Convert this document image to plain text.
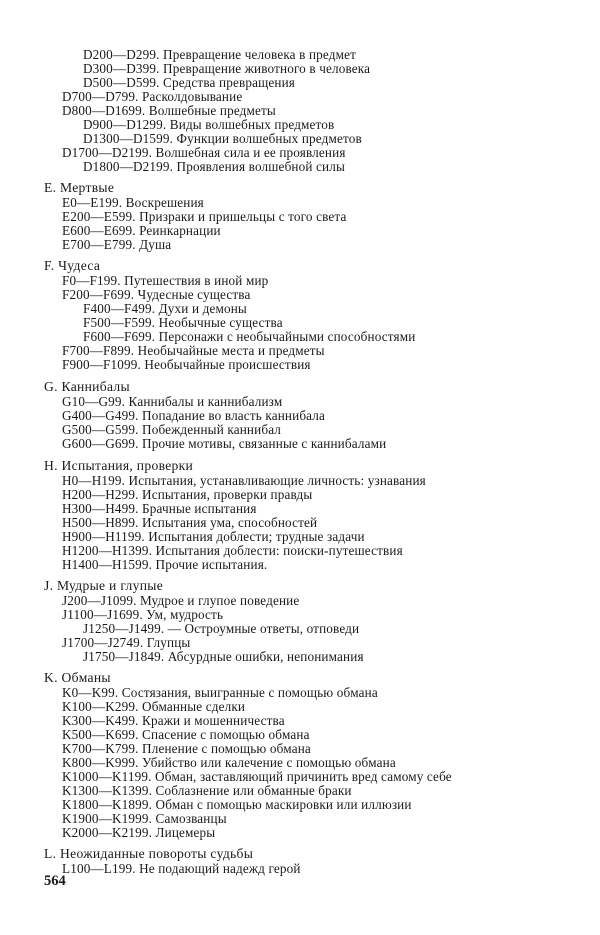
D200—D299. Превращение человека в предмет
D300—D399. Превращение животного в человека
D500—D599. Средства превращения
D700—D799. Расколдовывание
D800—D1699. Волшебные предметы
D900—D1299. Виды волшебных предметов
D1300—D1599. Функции волшебных предметов
D1700—D2199. Волшебная сила и ее проявления
D1800—D2199. Проявления волшебной силы
E. Мертвые
E0—E199. Воскрешения
E200—E599. Призраки и пришельцы с того света
E600—E699. Реинкарнации
E700—E799. Душа
F. Чудеса
F0—F199. Путешествия в иной мир
F200—F699. Чудесные существа
F400—F499. Духи и демоны
F500—F599. Необычные существа
F600—F699. Персонажи с необычайными способностями
F700—F899. Необычайные места и предметы
F900—F1099. Необычайные происшествия
G. Каннибалы
G10—G99. Каннибалы и каннибализм
G400—G499. Попадание во власть каннибала
G500—G599. Побежденный каннибал
G600—G699. Прочие мотивы, связанные с каннибалами
H. Испытания, проверки
H0—H199. Испытания, устанавливающие личность: узнавания
H200—H299. Испытания, проверки правды
H300—H499. Брачные испытания
H500—H899. Испытания ума, способностей
H900—H1199. Испытания доблести; трудные задачи
H1200—H1399. Испытания доблести: поиски-путешествия
H1400—H1599. Прочие испытания.
J. Мудрые и глупые
J200—J1099. Мудрое и глупое поведение
J1100—J1699. Ум, мудрость
J1250—J1499. — Остроумные ответы, отповеди
J1700—J2749. Глупцы
J1750—J1849. Абсурдные ошибки, непонимания
K. Обманы
K0—K99. Состязания, выигранные с помощью обмана
K100—K299. Обманные сделки
K300—K499. Кражи и мошенничества
K500—K699. Спасение с помощью обмана
K700—K799. Пленение с помощью обмана
K800—K999. Убийство или калечение с помощью обмана
K1000—K1199. Обман, заставляющий причинить вред самому себе
K1300—K1399. Соблазнение или обманные браки
K1800—K1899. Обман с помощью маскировки или иллюзии
K1900—K1999. Самозванцы
K2000—K2199. Лицемеры
L. Неожиданные повороты судьбы
L100—L199. Не подающий надежд герой
564
